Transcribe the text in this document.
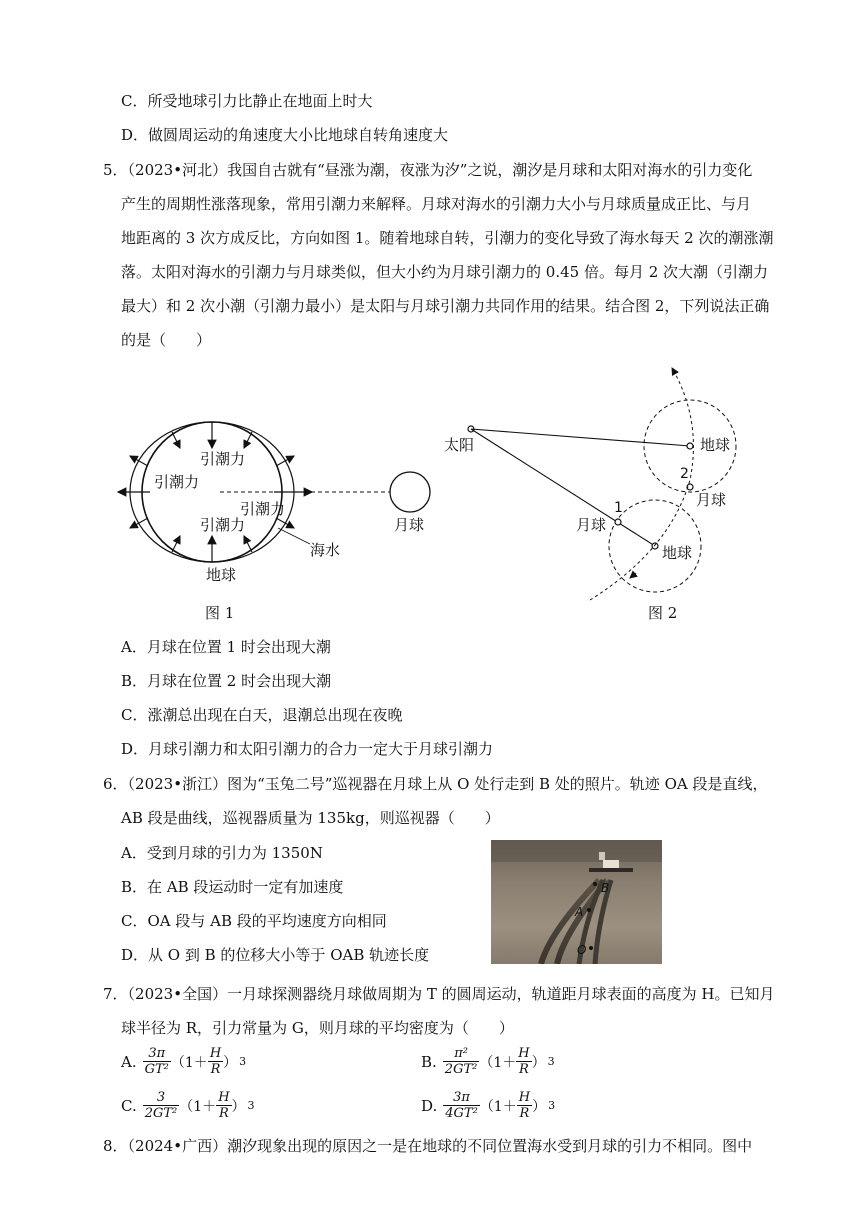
C．所受地球引力比静止在地面上时大
D．做圆周运动的角速度大小比地球自转角速度大
5．（2023•河北）我国自古就有“昼涨为潮，夜涨为汐”之说，潮汐是月球和太阳对海水的引力变化
产生的周期性涨落现象，常用引潮力来解释。月球对海水的引潮力大小与月球质量成正比、与月
地距离的 3 次方成反比，方向如图 1。随着地球自转，引潮力的变化导致了海水每天 2 次的潮涨潮
落。太阳对海水的引潮力与月球类似，但大小约为月球引潮力的 0.45 倍。每月 2 次大潮（引潮力
最大）和 2 次小潮（引潮力最小）是太阳与月球引潮力共同作用的结果。结合图 2，下列说法正确
的是（　　）
引潮力
引潮力
引潮力
引潮力
海水
地球
月球
图 1
太阳	地球
地球
月球
月球
1
2
图 2
A．月球在位置 1 时会出现大潮
B．月球在位置 2 时会出现大潮
C．涨潮总出现在白天，退潮总出现在夜晚
D．月球引潮力和太阳引潮力的合力一定大于月球引潮力
6．（2023•浙江）图为“玉兔二号”巡视器在月球上从 O 处行走到 B 处的照片。轨迹 OA 段是直线，
AB 段是曲线，巡视器质量为 135kg，则巡视器（　　）
A．受到月球的引力为 1350N
B．在 AB 段运动时一定有加速度
C．OA 段与 AB 段的平均速度方向相同
D．从 O 到 B 的位移大小等于 OAB 轨迹长度
B
A
O
7．（2023•全国）一月球探测器绕月球做周期为 T 的圆周运动，轨道距月球表面的高度为 H。已知月
球半径为 R，引力常量为 G，则月球的平均密度为（　　）
A. $\frac{3\pi}{\text{GT²}} (1+ \frac{H}{R}$ ） 3	B. $\frac{\text{π²}}{\text{2GT²}} (1+ \frac{H}{R}$ ） 3
C. $\frac{3}{\text{2GT²}} (1+ \frac{H}{R}$ ） 3	D. $\frac{3\pi}{\text{4GT²}} (1+ \frac{H}{R}$ ） 3
8．（2024•广西）潮汐现象出现的原因之一是在地球的不同位置海水受到月球的引力不相同。图中
